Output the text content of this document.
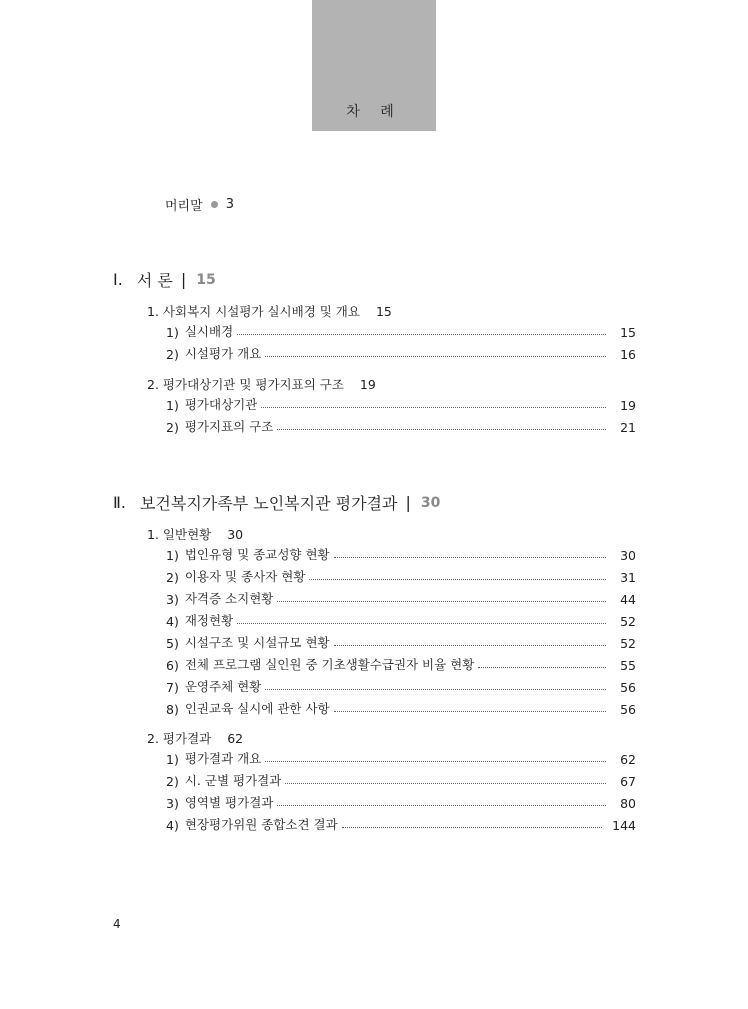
차 례
머리말 3
Ⅰ. 서 론 | 15
1. 사회복지 시설평가 실시배경 및 개요 15
1) 실시배경	15
2) 시설평가 개요	16
2. 평가대상기관 및 평가지표의 구조 19
1) 평가대상기관	19
2) 평가지표의 구조	21
Ⅱ. 보건복지가족부 노인복지관 평가결과 | 30
1. 일반현황 30
1) 법인유형 및 종교성향 현황	30
2) 이용자 및 종사자 현황	31
3) 자격증 소지현황	44
4) 재정현황	52
5) 시설구조 및 시설규모 현황	52
6) 전체 프로그램 실인원 중 기초생활수급권자 비율 현황	55
7) 운영주체 현황	56
8) 인권교육 실시에 관한 사항	56
2. 평가결과 62
1) 평가결과 개요	62
2) 시. 군별 평가결과	67
3) 영역별 평가결과	80
4) 현장평가위원 종합소견 결과	144
4
